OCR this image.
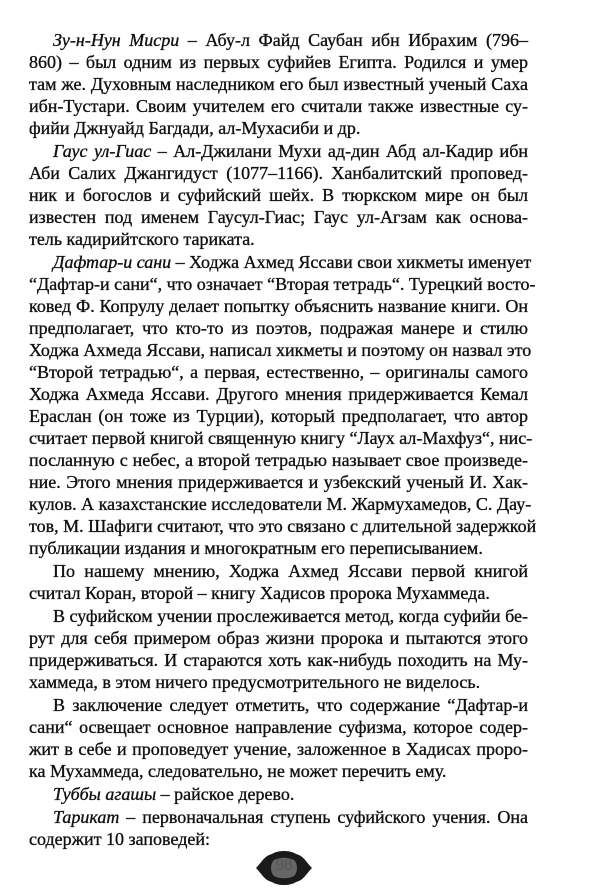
Зу-н-Нун Мисри – Абу-л Файд Саубан ибн Ибрахим (796–
860) – был одним из первых суфийев Египта. Родился и умер
там же. Духовным наследником его был известный ученый Саха
ибн-Тустари. Своим учителем его считали также известные су-
фийи Джнуайд Багдади, ал-Мухасиби и др.
Гаус ул-Гиас – Ал-Джилани Мухи ад-дин Абд ал-Кадир ибн
Аби Салих Джангидуст (1077–1166). Ханбалитский проповед-
ник и богослов и суфийский шейх. В тюркском мире он был
известен под именем Гаусул-Гиас; Гаус ул-Агзам как основа-
тель кадирийтского тариката.
Дафтар-и сани – Ходжа Ахмед Яссави свои хикметы именует
“Дафтар-и сани“, что означает “Вторая тетрадь“. Турецкий восто-
ковед Ф. Копрулу делает попытку объяснить название книги. Он
предполагает, что кто-то из поэтов, подражая манере и стилю
Ходжа Ахмеда Яссави, написал хикметы и поэтому он назвал это
“Второй тетрадью“, а первая, естественно, – оригиналы самого
Ходжа Ахмеда Яссави. Другого мнения придерживается Кемал
Ераслан (он тоже из Турции), который предполагает, что автор
считает первой книгой священную книгу “Лаух ал-Махфуз“, нис-
посланную с небес, а второй тетрадью называет свое произведе-
ние. Этого мнения придерживается и узбекский ученый И. Хак-
кулов. А казахстанские исследователи М. Жармухамедов, С. Дау-
тов, М. Шафиги считают, что это связано с длительной задержкой
публикации издания и многократным его переписыванием.
По нашему мнению, Ходжа Ахмед Яссави первой книгой
считал Коран, второй – книгу Хадисов пророка Мухаммеда.
В суфийском учении прослеживается метод, когда суфийи бе-
рут для себя примером образ жизни пророка и пытаются этого
придерживаться. И стараются хоть как-нибудь походить на Му-
хаммеда, в этом ничего предусмотрительного не виделось.
В заключение следует отметить, что содержание “Дафтар-и
сани“ освещает основное направление суфизма, которое содер-
жит в себе и проповедует учение, заложенное в Хадисах проро-
ка Мухаммеда, следовательно, не может перечить ему.
Туббы агашы – райское дерево.
Тарикат – первоначальная ступень суфийского учения. Она
содержит 10 заповедей:
98
